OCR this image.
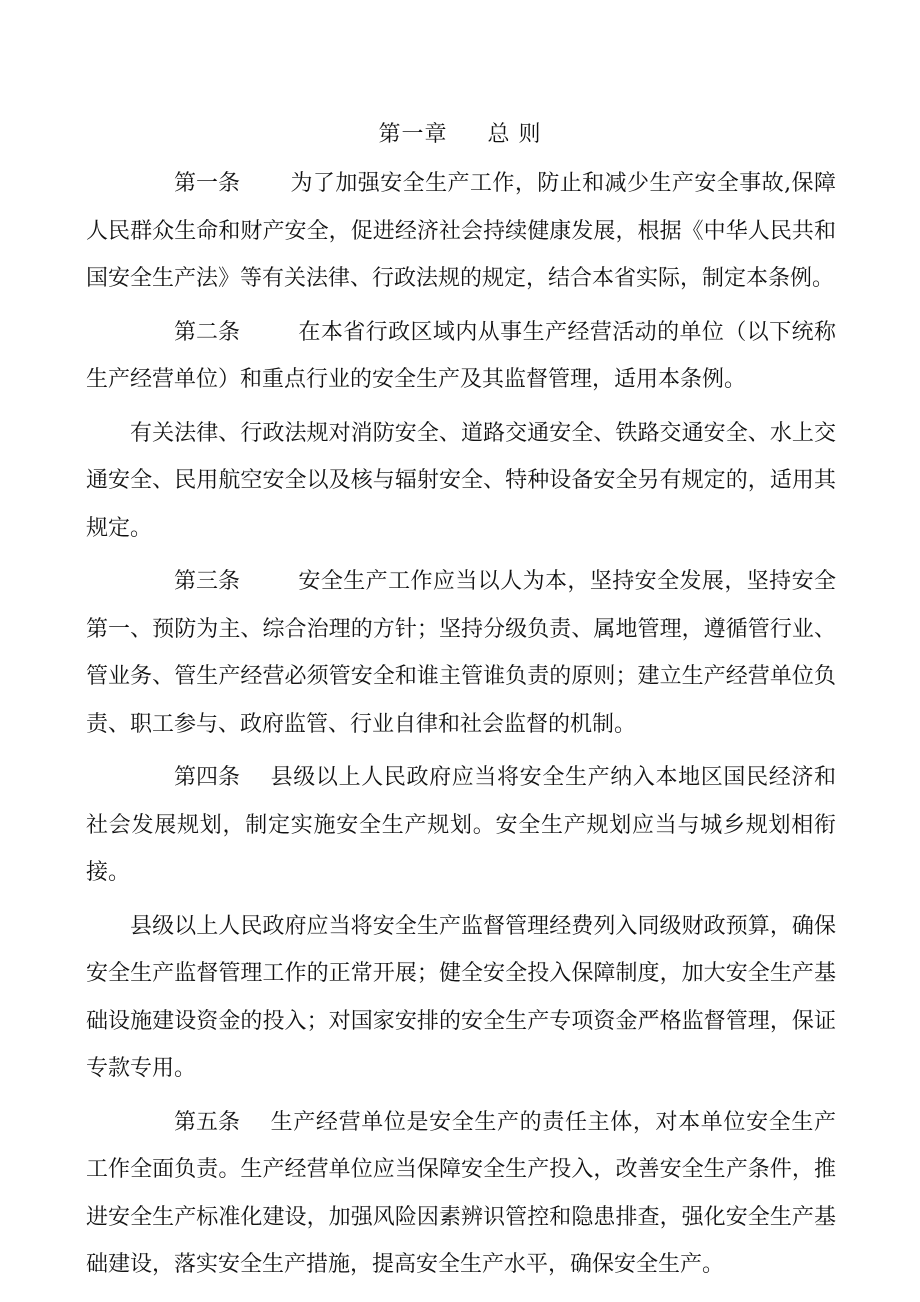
第一章 总 则

第一条 为了加强安全生产工作，防止和减少生产安全事故,保障人民群众生命和财产安全，促进经济社会持续健康发展，根据《中华人民共和国安全生产法》等有关法律、行政法规的规定，结合本省实际，制定本条例。

第二条	在本省行政区域内从事生产经营活动的单位（以下统称生产经营单位）和重点行业的安全生产及其监督管理，适用本条例。

有关法律、行政法规对消防安全、道路交通安全、铁路交通安全、水上交通安全、民用航空安全以及核与辐射安全、特种设备安全另有规定的，适用其规定。

第三条	安全生产工作应当以人为本，坚持安全发展，坚持安全第一、预防为主、综合治理的方针；坚持分级负责、属地管理，遵循管行业、管业务、管生产经营必须管安全和谁主管谁负责的原则；建立生产经营单位负责、职工参与、政府监管、行业自律和社会监督的机制。

第四条 县级以上人民政府应当将安全生产纳入本地区国民经济和社会发展规划，制定实施安全生产规划。安全生产规划应当与城乡规划相衔接。

县级以上人民政府应当将安全生产监督管理经费列入同级财政预算，确保安全生产监督管理工作的正常开展；健全安全投入保障制度，加大安全生产基础设施建设资金的投入；对国家安排的安全生产专项资金严格监督管理，保证专款专用。

第五条 生产经营单位是安全生产的责任主体，对本单位安全生产工作全面负责。生产经营单位应当保障安全生产投入，改善安全生产条件，推进安全生产标准化建设，加强风险因素辨识管控和隐患排查，强化安全生产基础建设，落实安全生产措施，提高安全生产水平，确保安全生产。
